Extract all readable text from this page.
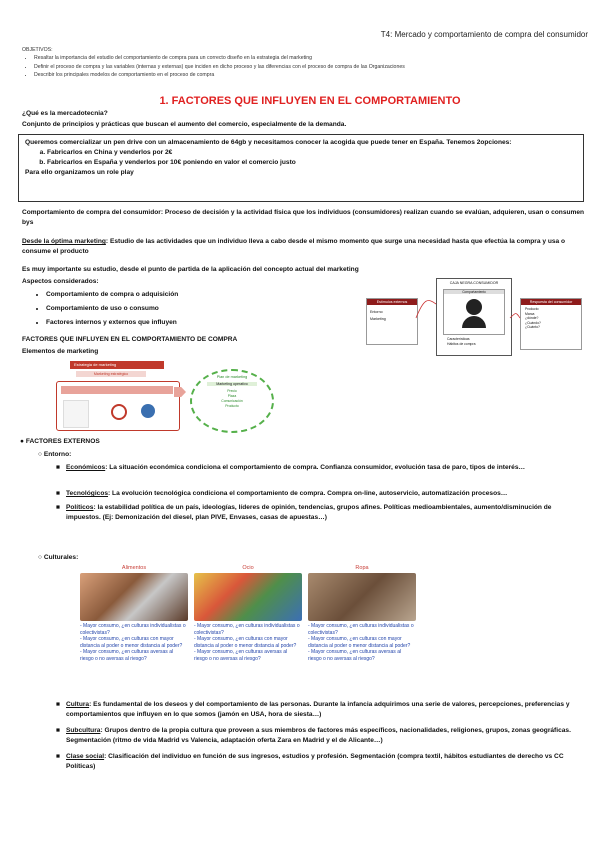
T4: Mercado y comportamiento de compra del consumidor
OBJETIVOS:
• Resaltar la importancia del estudio del comportamiento de compra para un correcto diseño en la estrategia del marketing
• Definir el proceso de compra y las variables (internas y externas) que inciden en dicho proceso y las diferencias con el proceso de compra de las Organizaciones
• Describir los principales modelos de comportamiento en el proceso de compra
1. FACTORES QUE INFLUYEN EN EL COMPORTAMIENTO
¿Qué es la mercadotecnia?
Conjunto de principios y prácticas que buscan el aumento del comercio, especialmente de la demanda.
Queremos comercializar un pen drive con un almacenamiento de 64gb y necesitamos conocer la acogida que puede tener en España. Tenemos 2opciones:
a. Fabricarlos en China y venderlos por 2€
b. Fabricarlos en España y venderlos por 10€ poniendo en valor el comercio justo
Para ello organizamos un role play
Comportamiento de compra del consumidor: Proceso de decisión y la actividad física que los individuos (consumidores) realizan cuando se evalúan, adquieren, usan o consumen bys
Desde la óptima marketing: Estudio de las actividades que un individuo lleva a cabo desde el mismo momento que surge una necesidad hasta que efectúa la compra y usa o consume el producto
Es muy importante su estudio, desde el punto de partida de la aplicación del concepto actual del marketing
Aspectos considerados:
• Comportamiento de compra o adquisición
• Comportamiento de uso o consumo
• Factores internos y externos que influyen
Estímulos externos
Entorno
Marketing
CAJA NEGRA CONSUMIDOR
Comportamiento
Características
Hábitos de compra
Respuesta del consumidor
Producto
Marca
¿dónde?
¿Cuándo?
¿Cuánto?
FACTORES QUE INFLUYEN EN EL COMPORTAMIENTO DE COMPRA
Elementos de marketing
Estrategia de marketing
Marketing estratégico
Plan de marketing
Marketing operativo
Precio
Plaza
Comunicación
Producto
● FACTORES EXTERNOS
○ Entorno:
■ Económicos: La situación económica condiciona el comportamiento de compra. Confianza consumidor, evolución tasa de paro, tipos de interés…
■ Tecnológicos: La evolución tecnológica condiciona el comportamiento de compra. Compra on-line, autoservicio, automatización procesos…
■ Políticos: la estabilidad política de un país, ideologías, líderes de opinión, tendencias, grupos afines. Políticas medioambientales, aumento/disminución de impuestos. (Ej: Demonización del diesel, plan PIVE, Envases, casas de apuestas…)
○ Culturales:
Alimentos
- Mayor consumo, ¿en culturas individualistas o colectivistas?
- Mayor consumo, ¿en culturas con mayor distancia al poder o menor distancia al poder?
- Mayor consumo, ¿en culturas aversas al riesgo o no aversas al riesgo?
Ocio
- Mayor consumo, ¿en culturas individualistas o colectivistas?
- Mayor consumo, ¿en culturas con mayor distancia al poder o menor distancia al poder?
- Mayor consumo, ¿en culturas aversas al riesgo o no aversas al riesgo?
Ropa
- Mayor consumo, ¿en culturas individualistas o colectivistas?
- Mayor consumo, ¿en culturas con mayor distancia al poder o menor distancia al poder?
- Mayor consumo, ¿en culturas aversas al riesgo o no aversas al riesgo?
■ Cultura: Es fundamental de los deseos y del comportamiento de las personas. Durante la infancia adquirimos una serie de valores, percepciones, preferencias y comportamientos que influyen en lo que somos (jamón en USA, hora de siesta…)
■ Subcultura: Grupos dentro de la propia cultura que proveen a sus miembros de factores más específicos, nacionalidades, religiones, grupos, zonas geográficas. Segmentación (ritmo de vida Madrid vs Valencia, adaptación oferta Zara en Madrid y el de Alicante…)
■ Clase social: Clasificación del individuo en función de sus ingresos, estudios y profesión. Segmentación (compra textil, hábitos estudiantes de derecho vs CC Políticas)
